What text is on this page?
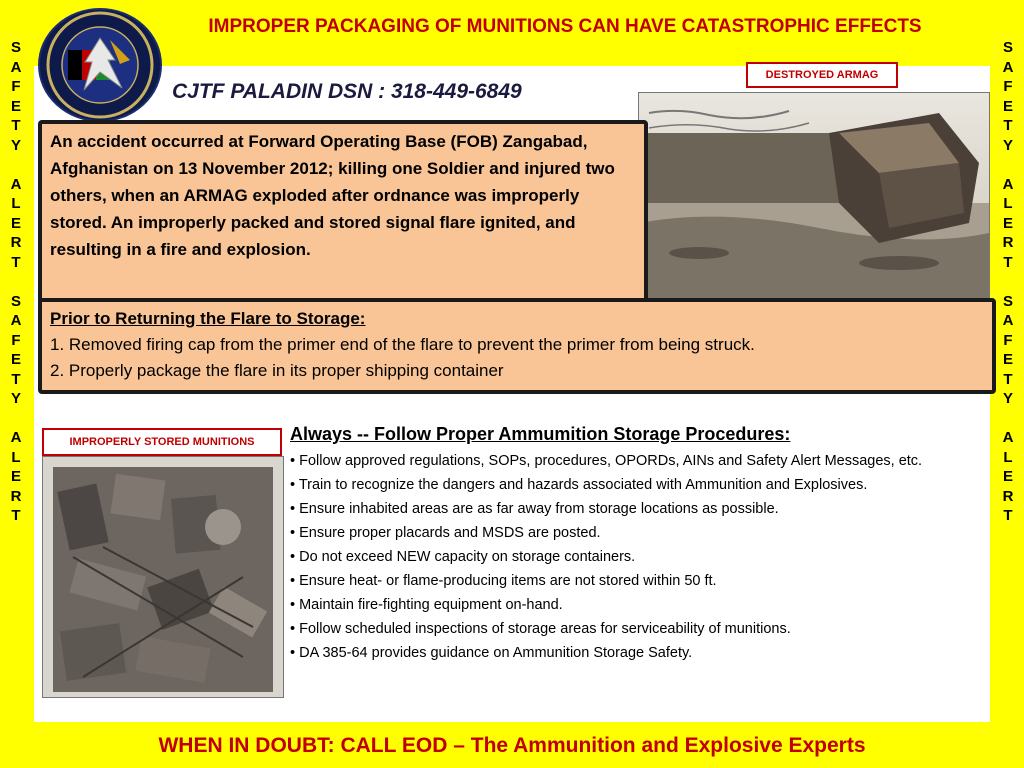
S
A
F
E
T
Y

A
L
E
R
T

S
A
F
E
T
Y

A
L
E
R
T
S
A
F
E
T
Y

A
L
E
R
T

S
A
F
E
T
Y

A
L
E
R
T
IMPROPER PACKAGING OF MUNITIONS CAN HAVE CATASTROPHIC EFFECTS
CJTF PALADIN DSN : 318-449-6849
DESTROYED ARMAG
An accident occurred at Forward Operating Base (FOB) Zangabad, Afghanistan on 13 November 2012; killing one Soldier and injured two others, when an ARMAG exploded after ordnance was improperly stored. An improperly packed and stored signal flare ignited, and resulting in a fire and explosion.
Prior to Returning the Flare to Storage:
1. Removed firing cap from the primer end of the flare to prevent the primer from being struck.
2. Properly package the flare in its proper shipping container
IMPROPERLY STORED MUNITIONS	Always -- Follow Proper Ammumition Storage Procedures:
• Follow approved regulations, SOPs, procedures, OPORDs, AINs and Safety Alert Messages, etc.
• Train to recognize the dangers and hazards associated with Ammunition and Explosives.
• Ensure inhabited areas are as far away from storage locations as possible.
• Ensure proper placards and MSDS are posted.
• Do not exceed NEW capacity on storage containers.
• Ensure heat- or flame-producing items are not stored within 50 ft.
• Maintain fire-fighting equipment on-hand.
• Follow scheduled inspections of storage areas for serviceability of munitions.
• DA 385-64 provides guidance on Ammunition Storage Safety.
WHEN IN DOUBT: CALL EOD – The Ammunition and Explosive Experts
